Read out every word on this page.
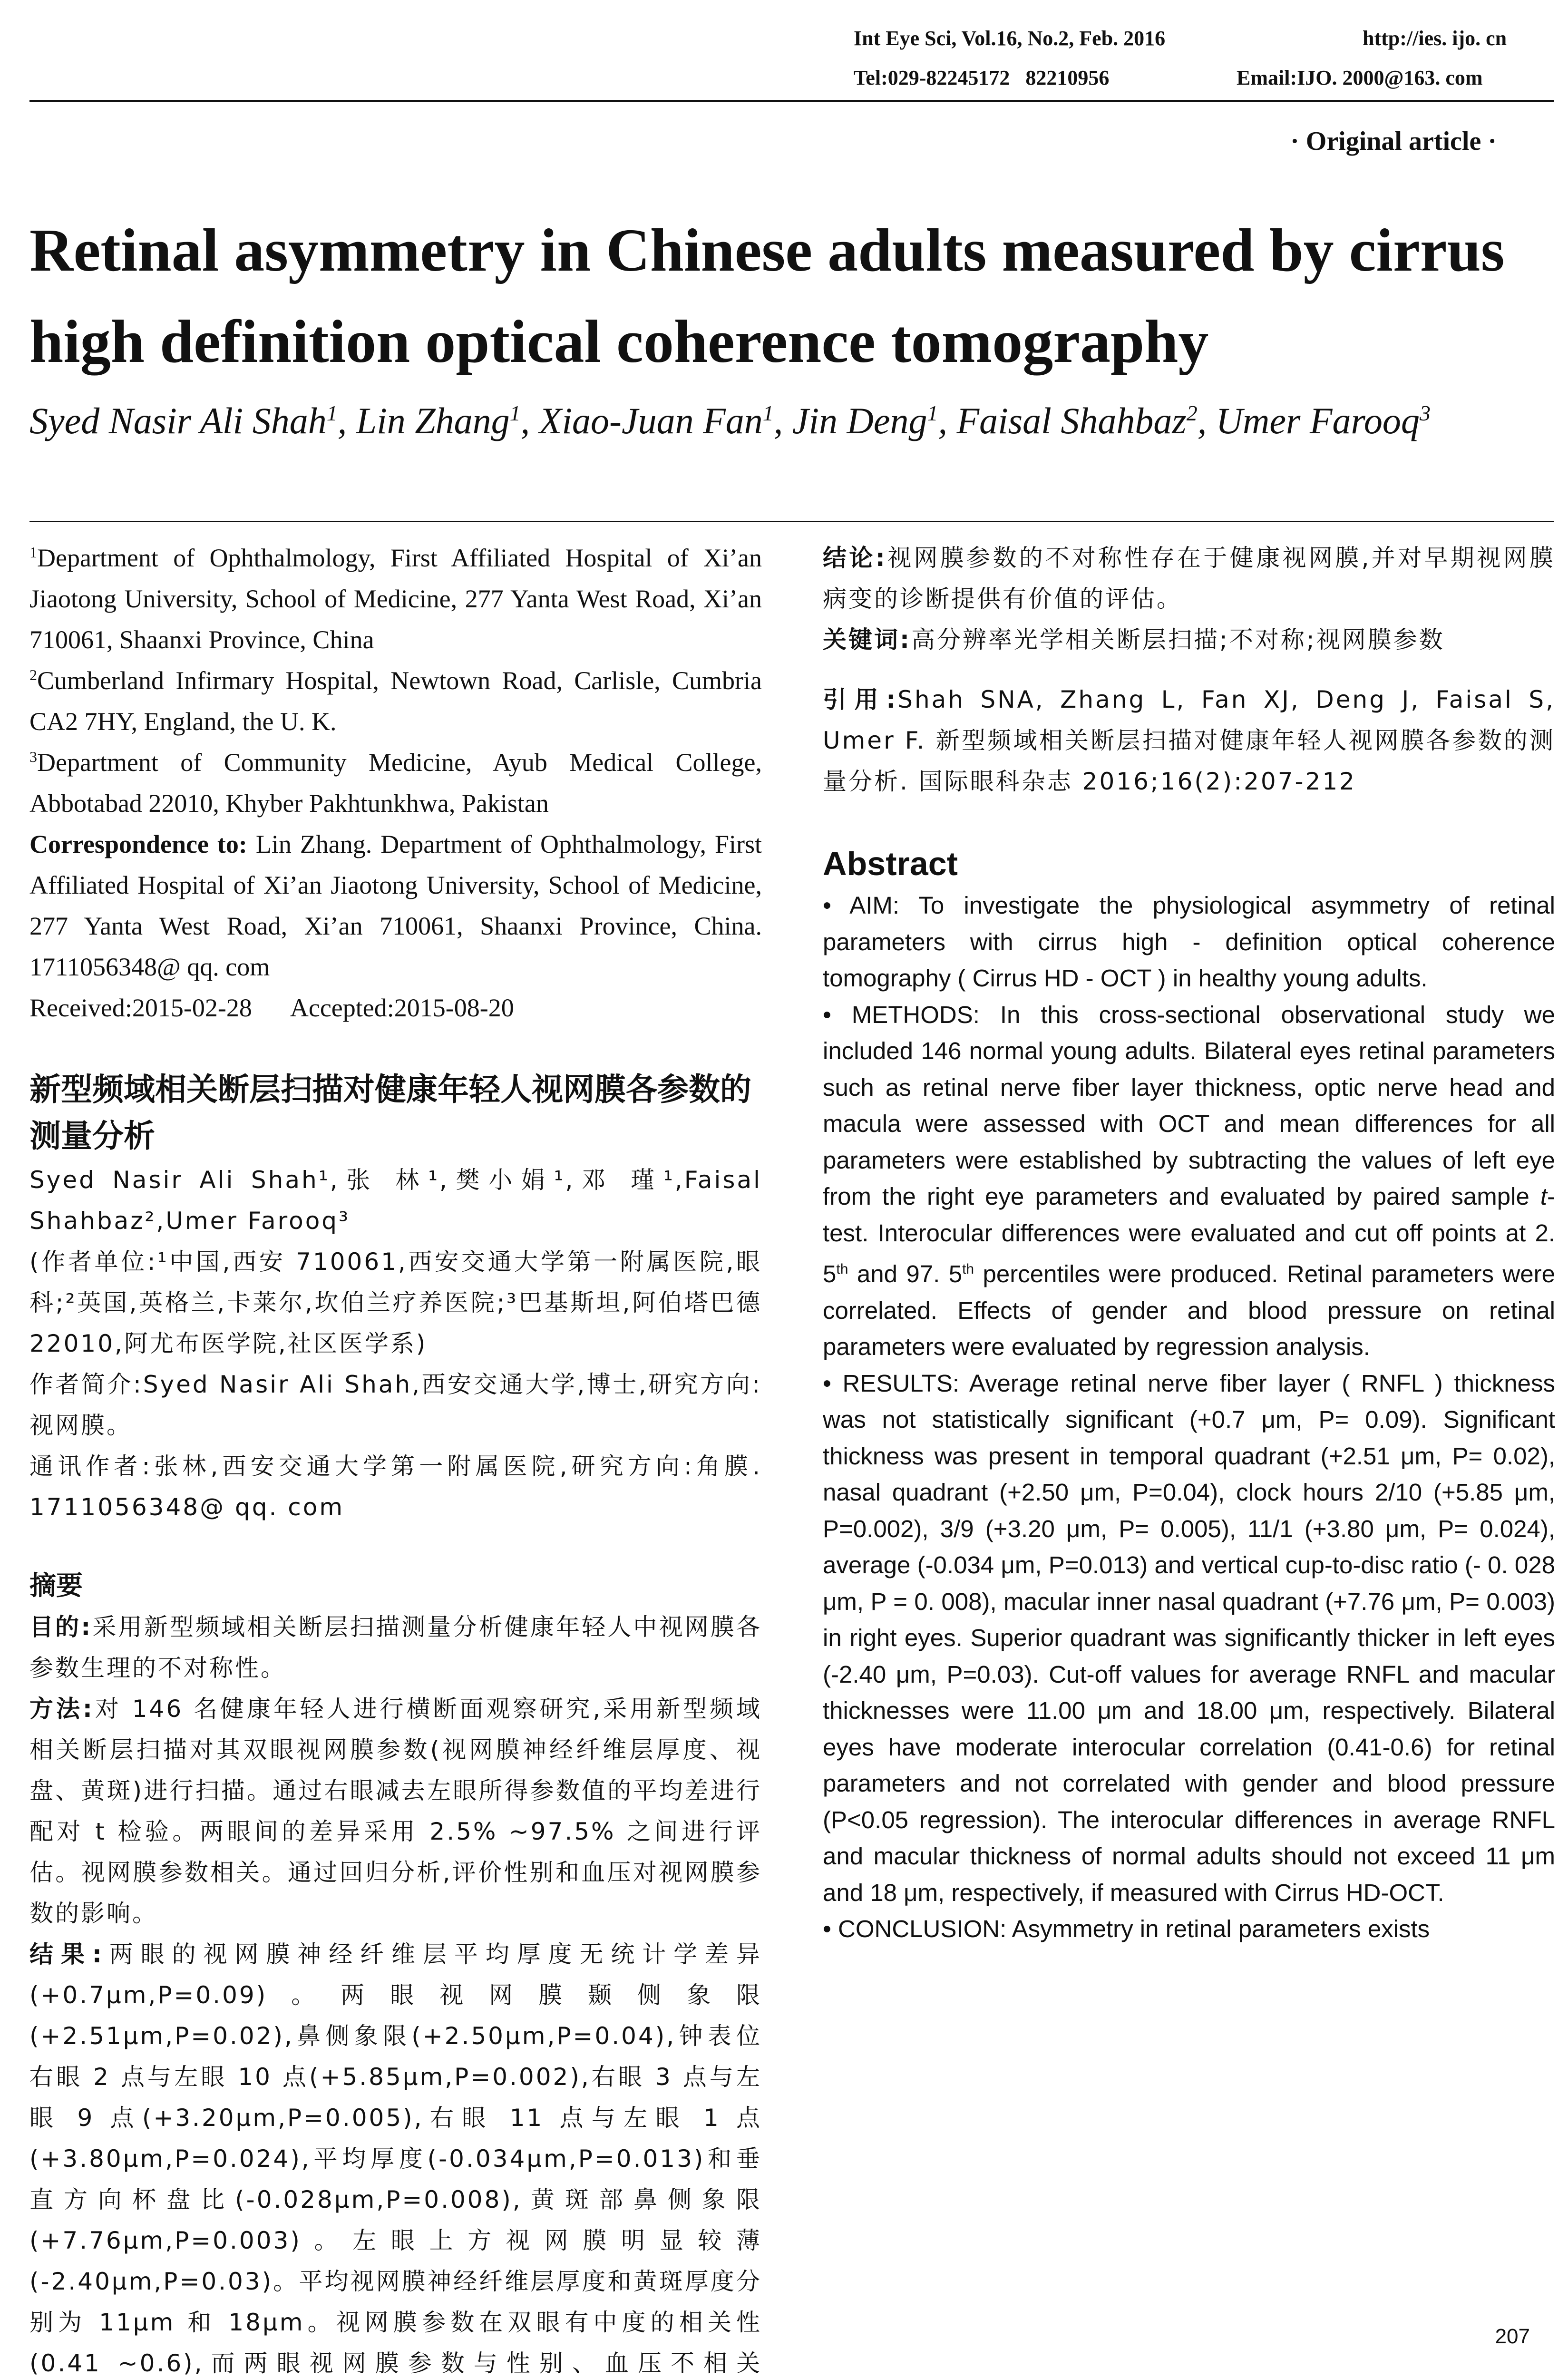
Int Eye Sci, Vol.16, No.2, Feb. 2016	http://ies. ijo. cn
Tel:029-82245172   82210956	Email:IJO. 2000@163. com
· Original article ·
Retinal asymmetry in Chinese adults measured by cirrus high definition optical coherence tomography
Syed Nasir Ali Shah$^1$, Lin Zhang$^1$, Xiao-Juan Fan$^1$, Jin Deng$^1$, Faisal Shahbaz$^2$, Umer Farooq$^3$

$^1$Department of Ophthalmology, First Affiliated Hospital of Xi’an Jiaotong University, School of Medicine, 277 Yanta West Road, Xi’an 710061, Shaanxi Province, China

$^2$Cumberland Infirmary Hospital, Newtown Road, Carlisle, Cumbria CA2 7HY, England, the U. K.

$^3$Department of Community Medicine, Ayub Medical College, Abbotabad 22010, Khyber Pakhtunkhwa, Pakistan

Correspondence to: Lin Zhang. Department of Ophthalmology, First Affiliated Hospital of Xi’an Jiaotong University, School of Medicine, 277 Yanta West Road, Xi’an 710061, Shaanxi Province, China. 1711056348@ qq. com

Received:2015-02-28 Accepted:2015-08-20

新型频域相关断层扫描对健康年轻人视网膜各参数的测量分析

Syed Nasir Ali Shah¹,张 林¹,樊小娟¹,邓 瑾¹,Faisal Shahbaz²,Umer Farooq³

(作者单位:¹中国,西安 710061,西安交通大学第一附属医院,眼科;²英国,英格兰,卡莱尔,坎伯兰疗养医院;³巴基斯坦,阿伯塔巴德 22010,阿尤布医学院,社区医学系)

作者简介:Syed Nasir Ali Shah,西安交通大学,博士,研究方向:视网膜。

通讯作者:张林,西安交通大学第一附属医院,研究方向:角膜. 1711056348@ qq. com

摘要

目的:采用新型频域相关断层扫描测量分析健康年轻人中视网膜各参数生理的不对称性。

方法:对 146 名健康年轻人进行横断面观察研究,采用新型频域相关断层扫描对其双眼视网膜参数(视网膜神经纤维层厚度、视盘、黄斑)进行扫描。通过右眼减去左眼所得参数值的平均差进行配对 t 检验。两眼间的差异采用 2.5% ~97.5% 之间进行评估。视网膜参数相关。通过回归分析,评价性别和血压对视网膜参数的影响。

结果:两眼的视网膜神经纤维层平均厚度无统计学差异(+0.7μm,P=0.09)。两眼视网膜颞侧象限(+2.51μm,P=0.02),鼻侧象限(+2.50μm,P=0.04),钟表位右眼 2 点与左眼 10 点(+5.85μm,P=0.002),右眼 3 点与左眼 9 点(+3.20μm,P=0.005),右眼 11 点与左眼 1 点(+3.80μm,P=0.024),平均厚度(-0.034μm,P=0.013)和垂直方向杯盘比(-0.028μm,P=0.008),黄斑部鼻侧象限(+7.76μm,P=0.003)。左眼上方视网膜明显较薄(-2.40μm,P=0.03)。平均视网膜神经纤维层厚度和黄斑厚度分别为 11μm 和 18μm。视网膜参数在双眼有中度的相关性(0.41 ~0.6),而两眼视网膜参数与性别、血压不相关

结论:视网膜参数的不对称性存在于健康视网膜,并对早期视网膜病变的诊断提供有价值的评估。

关键词:高分辨率光学相关断层扫描;不对称;视网膜参数

引用:Shah SNA, Zhang L, Fan XJ, Deng J, Faisal S, Umer F. 新型频域相关断层扫描对健康年轻人视网膜各参数的测量分析. 国际眼科杂志 2016;16(2):207-212

Abstract

• AIM: To investigate the physiological asymmetry of retinal parameters with cirrus high - definition optical coherence tomography ( Cirrus HD - OCT ) in healthy young adults.

• METHODS: In this cross-sectional observational study we included 146 normal young adults. Bilateral eyes retinal parameters such as retinal nerve fiber layer thickness, optic nerve head and macula were assessed with OCT and mean differences for all parameters were established by subtracting the values of left eye from the right eye parameters and evaluated by paired sample t-test. Interocular differences were evaluated and cut off points at 2. 5th and 97. 5th percentiles were produced. Retinal parameters were correlated. Effects of gender and blood pressure on retinal parameters were evaluated by regression analysis.

• RESULTS: Average retinal nerve fiber layer ( RNFL ) thickness was not statistically significant (+0.7 μm, P= 0.09). Significant thickness was present in temporal quadrant (+2.51 μm, P= 0.02), nasal quadrant (+2.50 μm, P=0.04), clock hours 2/10 (+5.85 μm, P=0.002), 3/9 (+3.20 μm, P= 0.005), 11/1 (+3.80 μm, P= 0.024), average (-0.034 μm, P=0.013) and vertical cup-to-disc ratio (- 0. 028 μm, P = 0. 008), macular inner nasal quadrant (+7.76 μm, P= 0.003) in right eyes. Superior quadrant was significantly thicker in left eyes (-2.40 μm, P=0.03). Cut-off values for average RNFL and macular thicknesses were 11.00 μm and 18.00 μm, respectively. Bilateral eyes have moderate interocular correlation (0.41-0.6) for retinal parameters and not correlated with gender and blood pressure (P<0.05 regression). The interocular differences in average RNFL and macular thickness of normal adults should not exceed 11 μm and 18 μm, respectively, if measured with Cirrus HD-OCT.

• CONCLUSION: Asymmetry in retinal parameters exists

207
